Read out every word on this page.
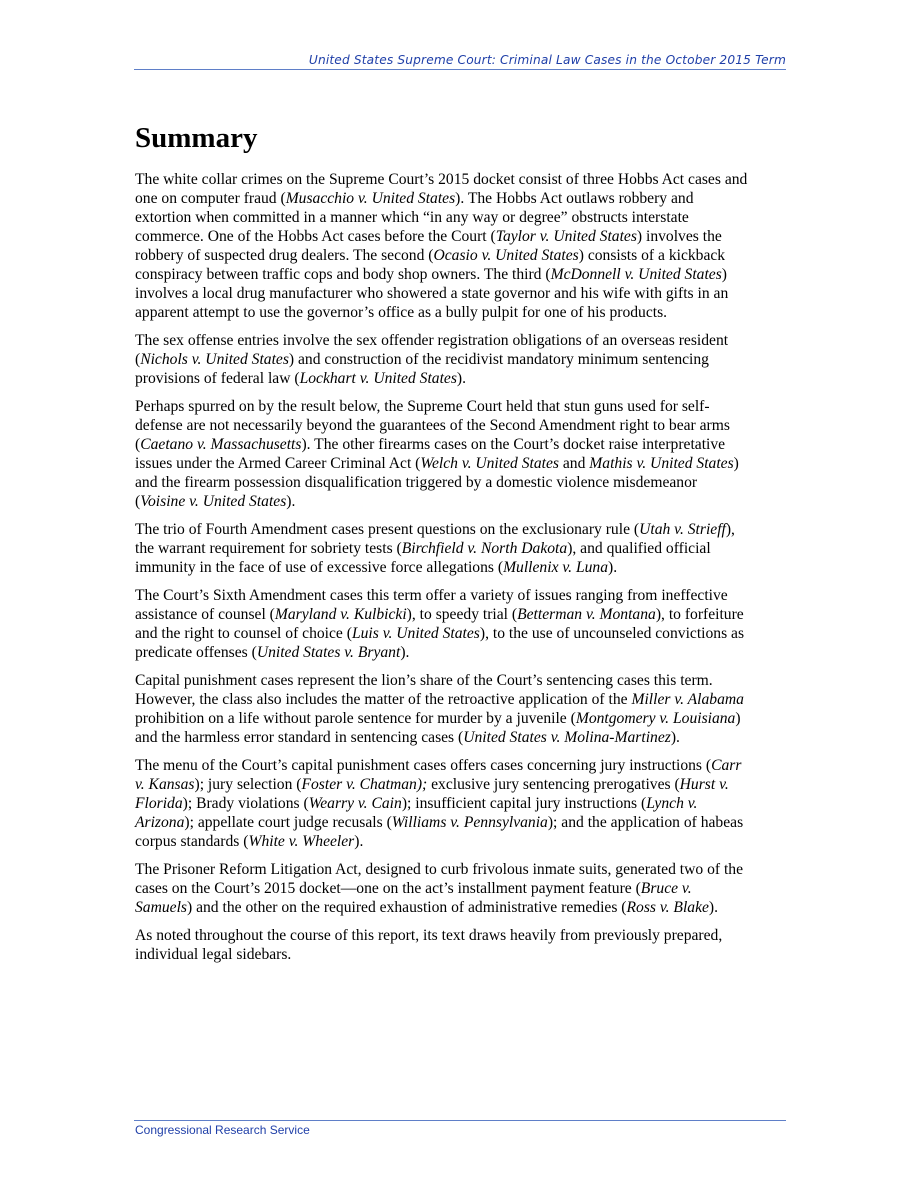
United States Supreme Court: Criminal Law Cases in the October 2015 Term
Summary

The white collar crimes on the Supreme Court’s 2015 docket consist of three Hobbs Act cases and
one on computer fraud (Musacchio v. United States). The Hobbs Act outlaws robbery and
extortion when committed in a manner which “in any way or degree” obstructs interstate
commerce. One of the Hobbs Act cases before the Court (Taylor v. United States) involves the
robbery of suspected drug dealers. The second (Ocasio v. United States) consists of a kickback
conspiracy between traffic cops and body shop owners. The third (McDonnell v. United States)
involves a local drug manufacturer who showered a state governor and his wife with gifts in an
apparent attempt to use the governor’s office as a bully pulpit for one of his products.

The sex offense entries involve the sex offender registration obligations of an overseas resident
(Nichols v. United States) and construction of the recidivist mandatory minimum sentencing
provisions of federal law (Lockhart v. United States).

Perhaps spurred on by the result below, the Supreme Court held that stun guns used for self-
defense are not necessarily beyond the guarantees of the Second Amendment right to bear arms
(Caetano v. Massachusetts). The other firearms cases on the Court’s docket raise interpretative
issues under the Armed Career Criminal Act (Welch v. United States and Mathis v. United States)
and the firearm possession disqualification triggered by a domestic violence misdemeanor
(Voisine v. United States).

The trio of Fourth Amendment cases present questions on the exclusionary rule (Utah v. Strieff),
the warrant requirement for sobriety tests (Birchfield v. North Dakota), and qualified official
immunity in the face of use of excessive force allegations (Mullenix v. Luna).

The Court’s Sixth Amendment cases this term offer a variety of issues ranging from ineffective
assistance of counsel (Maryland v. Kulbicki), to speedy trial (Betterman v. Montana), to forfeiture
and the right to counsel of choice (Luis v. United States), to the use of uncounseled convictions as
predicate offenses (United States v. Bryant).

Capital punishment cases represent the lion’s share of the Court’s sentencing cases this term.
However, the class also includes the matter of the retroactive application of the Miller v. Alabama
prohibition on a life without parole sentence for murder by a juvenile (Montgomery v. Louisiana)
and the harmless error standard in sentencing cases (United States v. Molina-Martinez).

The menu of the Court’s capital punishment cases offers cases concerning jury instructions (Carr
v. Kansas); jury selection (Foster v. Chatman); exclusive jury sentencing prerogatives (Hurst v.
Florida); Brady violations (Wearry v. Cain); insufficient capital jury instructions (Lynch v.
Arizona); appellate court judge recusals (Williams v. Pennsylvania); and the application of habeas
corpus standards (White v. Wheeler).

The Prisoner Reform Litigation Act, designed to curb frivolous inmate suits, generated two of the
cases on the Court’s 2015 docket—one on the act’s installment payment feature (Bruce v.
Samuels) and the other on the required exhaustion of administrative remedies (Ross v. Blake).

As noted throughout the course of this report, its text draws heavily from previously prepared,
individual legal sidebars.

Congressional Research Service
